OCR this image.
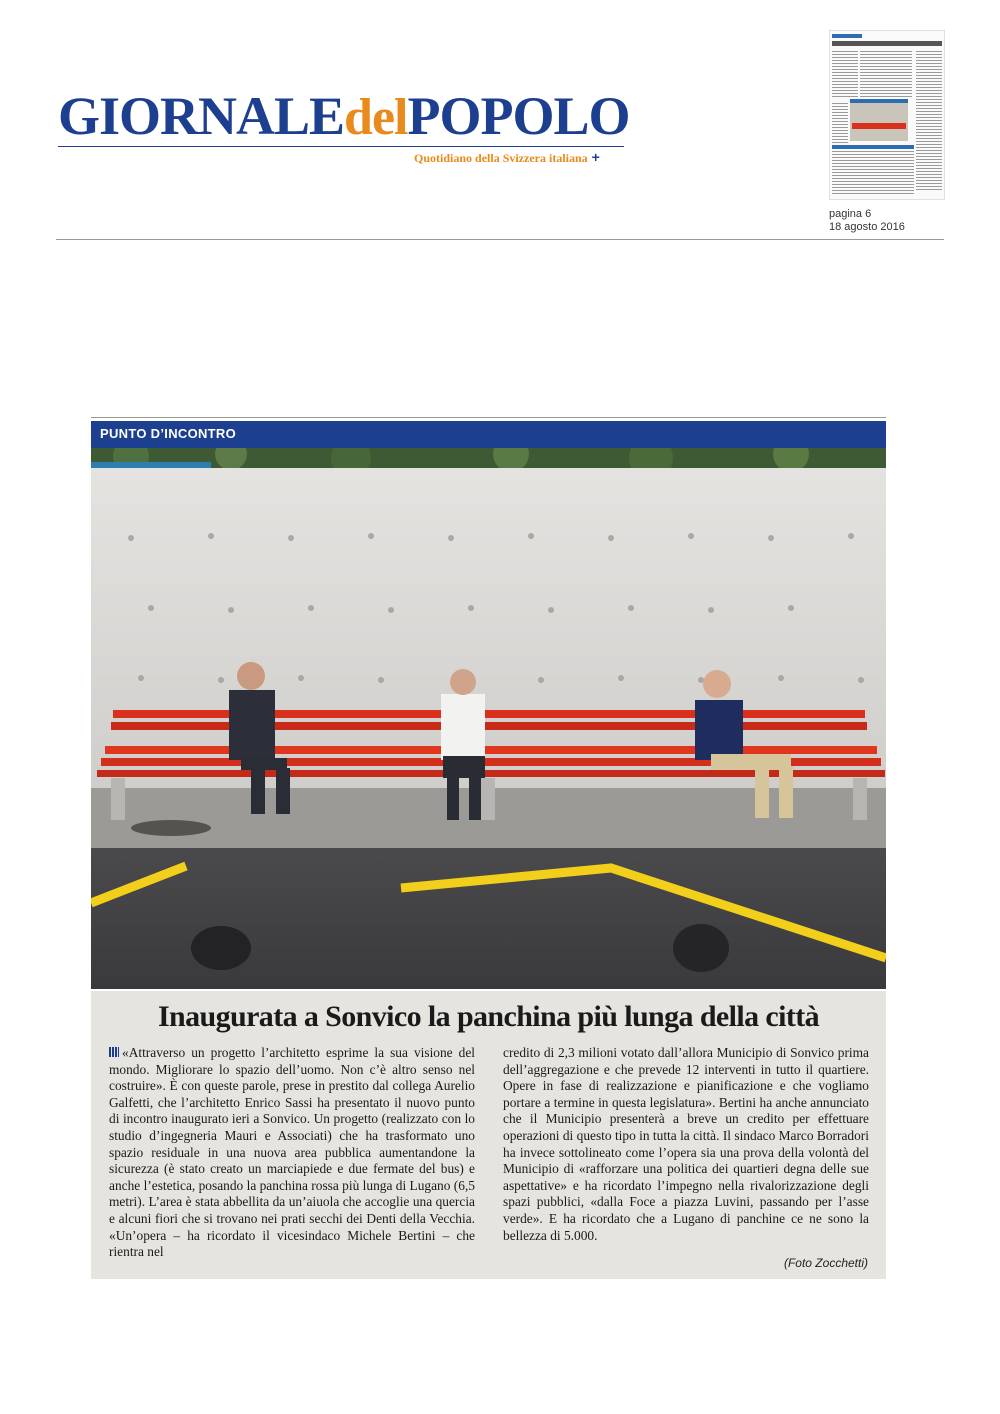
GIORNALEdelPOPOLO
Quotidiano della Svizzera italiana +
pagina 6
18 agosto 2016
PUNTO D’INCONTRO
Inaugurata a Sonvico la panchina più lunga della città
«Attraverso un progetto l’architetto esprime la sua visione del mondo. Migliorare lo spazio dell’uomo. Non c’è altro senso nel costruire». È con queste parole, prese in prestito dal collega Aurelio Galfetti, che l’architetto Enrico Sassi ha presentato il nuovo punto di incontro inaugurato ieri a Sonvico. Un progetto (realizzato con lo studio d’ingegneria Mauri e Associati) che ha trasformato uno spazio residuale in una nuova area pubblica aumentandone la sicurezza (è stato creato un marciapiede e due fermate del bus) e anche l’estetica, posando la panchina rossa più lunga di Lugano (6,5 metri). L’area è stata abbellita da un’aiuola che accoglie una quercia e alcuni fiori che si trovano nei prati secchi dei Denti della Vecchia. «Un’opera – ha ricordato il vicesindaco Michele Bertini – che rientra nel
credito di 2,3 milioni votato dall’allora Municipio di Sonvico prima dell’aggregazione e che prevede 12 interventi in tutto il quartiere. Opere in fase di realizzazione e pianificazione e che vogliamo portare a termine in questa legislatura». Bertini ha anche annunciato che il Municipio presenterà a breve un credito per effettuare operazioni di questo tipo in tutta la città. Il sindaco Marco Borradori ha invece sottolineato come l’opera sia una prova della volontà del Municipio di «rafforzare una politica dei quartieri degna delle sue aspettative» e ha ricordato l’impegno nella rivalorizzazione degli spazi pubblici, «dalla Foce a piazza Luvini, passando per l’asse verde». E ha ricordato che a Lugano di panchine ce ne sono la bellezza di 5.000.
(Foto Zocchetti)
